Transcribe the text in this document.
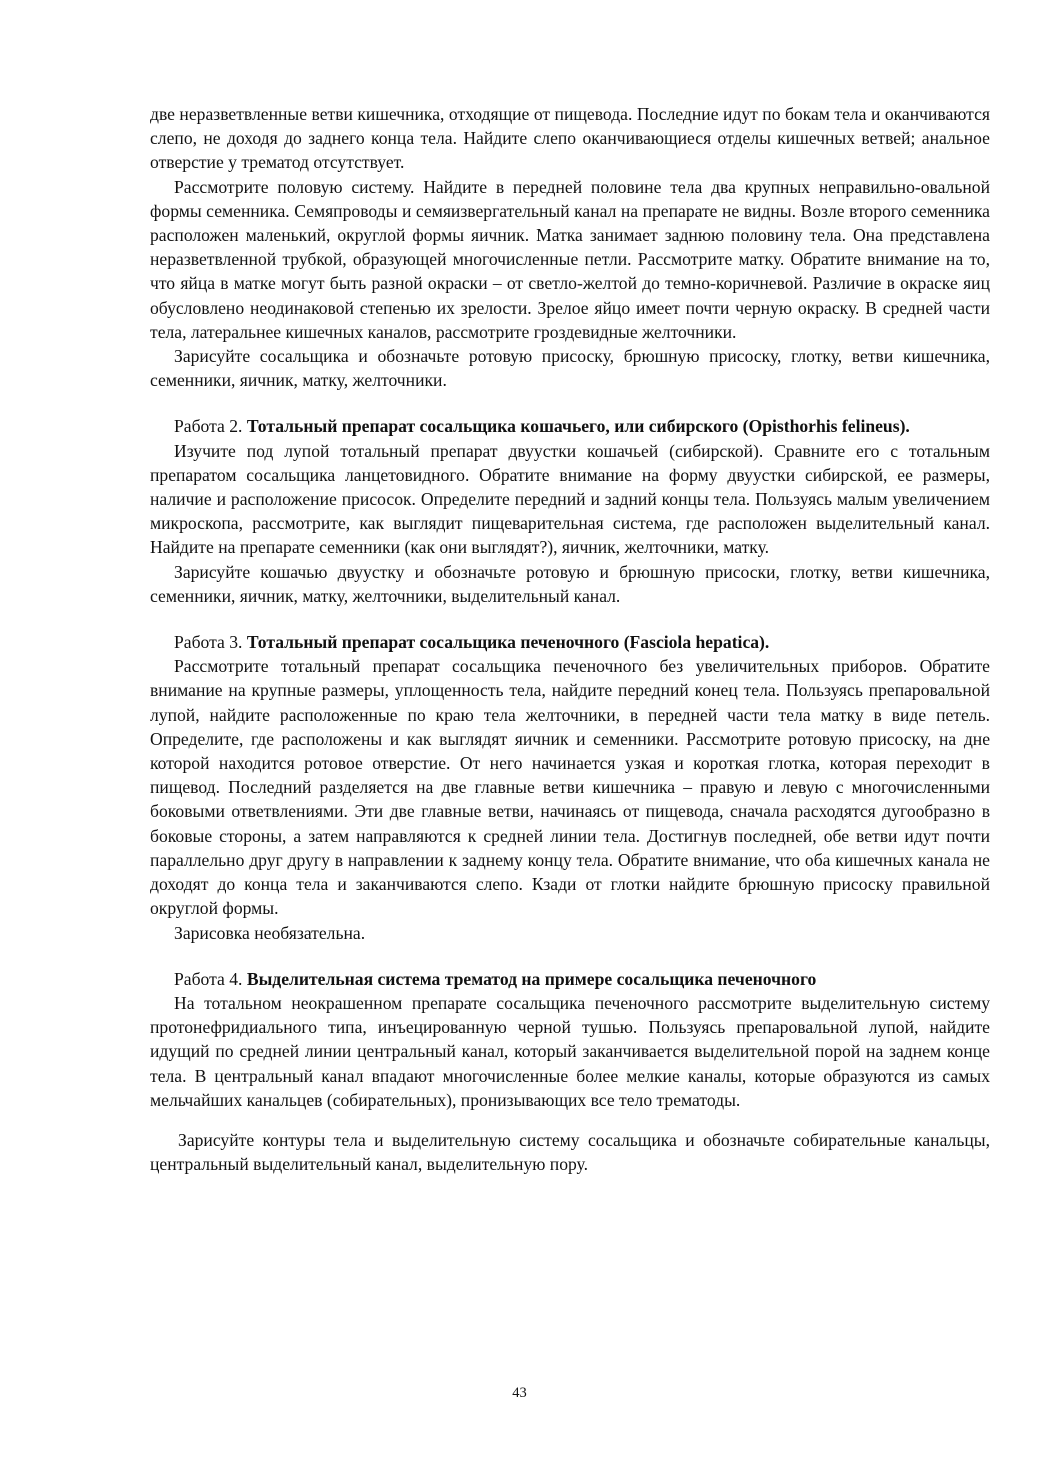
две неразветвленные ветви кишечника, отходящие от пищевода. Последние идут по бокам тела и оканчиваются слепо, не доходя до заднего конца тела. Найдите слепо оканчивающиеся отделы кишечных ветвей; анальное отверстие у трематод отсутствует.

Рассмотрите половую систему. Найдите в передней половине тела два крупных неправильно-овальной формы семенника. Семяпроводы и семяизвергательный канал на препарате не видны. Возле второго семенника расположен маленький, округлой формы яичник. Матка занимает заднюю половину тела. Она представлена неразветвленной трубкой, образующей многочисленные петли. Рассмотрите матку. Обратите внимание на то, что яйца в матке могут быть разной окраски – от светло-желтой до темно-коричневой. Различие в окраске яиц обусловлено неодинаковой степенью их зрелости. Зрелое яйцо имеет почти черную окраску. В средней части тела, латеральнее кишечных каналов, рассмотрите гроздевидные желточники.

Зарисуйте сосальщика и обозначьте ротовую присоску, брюшную присоску, глотку, ветви кишечника, семенники, яичник, матку, желточники.

Работа 2. Тотальный препарат сосальщика кошачьего, или сибирского (Opisthorhis felineus).

Изучите под лупой тотальный препарат двуустки кошачьей (сибирской). Сравните его с тотальным препаратом сосальщика ланцетовидного. Обратите внимание на форму двуустки сибирской, ее размеры, наличие и расположение присосок. Определите передний и задний концы тела. Пользуясь малым увеличением микроскопа, рассмотрите, как выглядит пищеварительная система, где расположен выделительный канал. Найдите на препарате семенники (как они выглядят?), яичник, желточники, матку.

Зарисуйте кошачью двуустку и обозначьте ротовую и брюшную присоски, глотку, ветви кишечника, семенники, яичник, матку, желточники, выделительный канал.

Работа 3. Тотальный препарат сосальщика печеночного (Fasciola hepatica).

Рассмотрите тотальный препарат сосальщика печеночного без увеличительных приборов. Обратите внимание на крупные размеры, уплощенность тела, найдите передний конец тела. Пользуясь препаровальной лупой, найдите расположенные по краю тела желточники, в передней части тела матку в виде петель. Определите, где расположены и как выглядят яичник и семенники. Рассмотрите ротовую присоску, на дне которой находится ротовое отверстие. От него начинается узкая и короткая глотка, которая переходит в пищевод. Последний разделяется на две главные ветви кишечника – правую и левую с многочисленными боковыми ответвлениями. Эти две главные ветви, начинаясь от пищевода, сначала расходятся дугообразно в боковые стороны, а затем направляются к средней линии тела. Достигнув последней, обе ветви идут почти параллельно друг другу в направлении к заднему концу тела. Обратите внимание, что оба кишечных канала не доходят до конца тела и заканчиваются слепо. Кзади от глотки найдите брюшную присоску правильной округлой формы.

Зарисовка необязательна.

Работа 4. Выделительная система трематод на примере сосальщика печеночного

На тотальном неокрашенном препарате сосальщика печеночного рассмотрите выделительную систему протонефридиального типа, инъецированную черной тушью. Пользуясь препаровальной лупой, найдите идущий по средней линии центральный канал, который заканчивается выделительной порой на заднем конце тела. В центральный канал впадают многочисленные более мелкие каналы, которые образуются из самых мельчайших канальцев (собирательных), пронизывающих все тело трематоды.

Зарисуйте контуры тела и выделительную систему сосальщика и обозначьте собирательные канальцы, центральный выделительный канал, выделительную пору.

43
